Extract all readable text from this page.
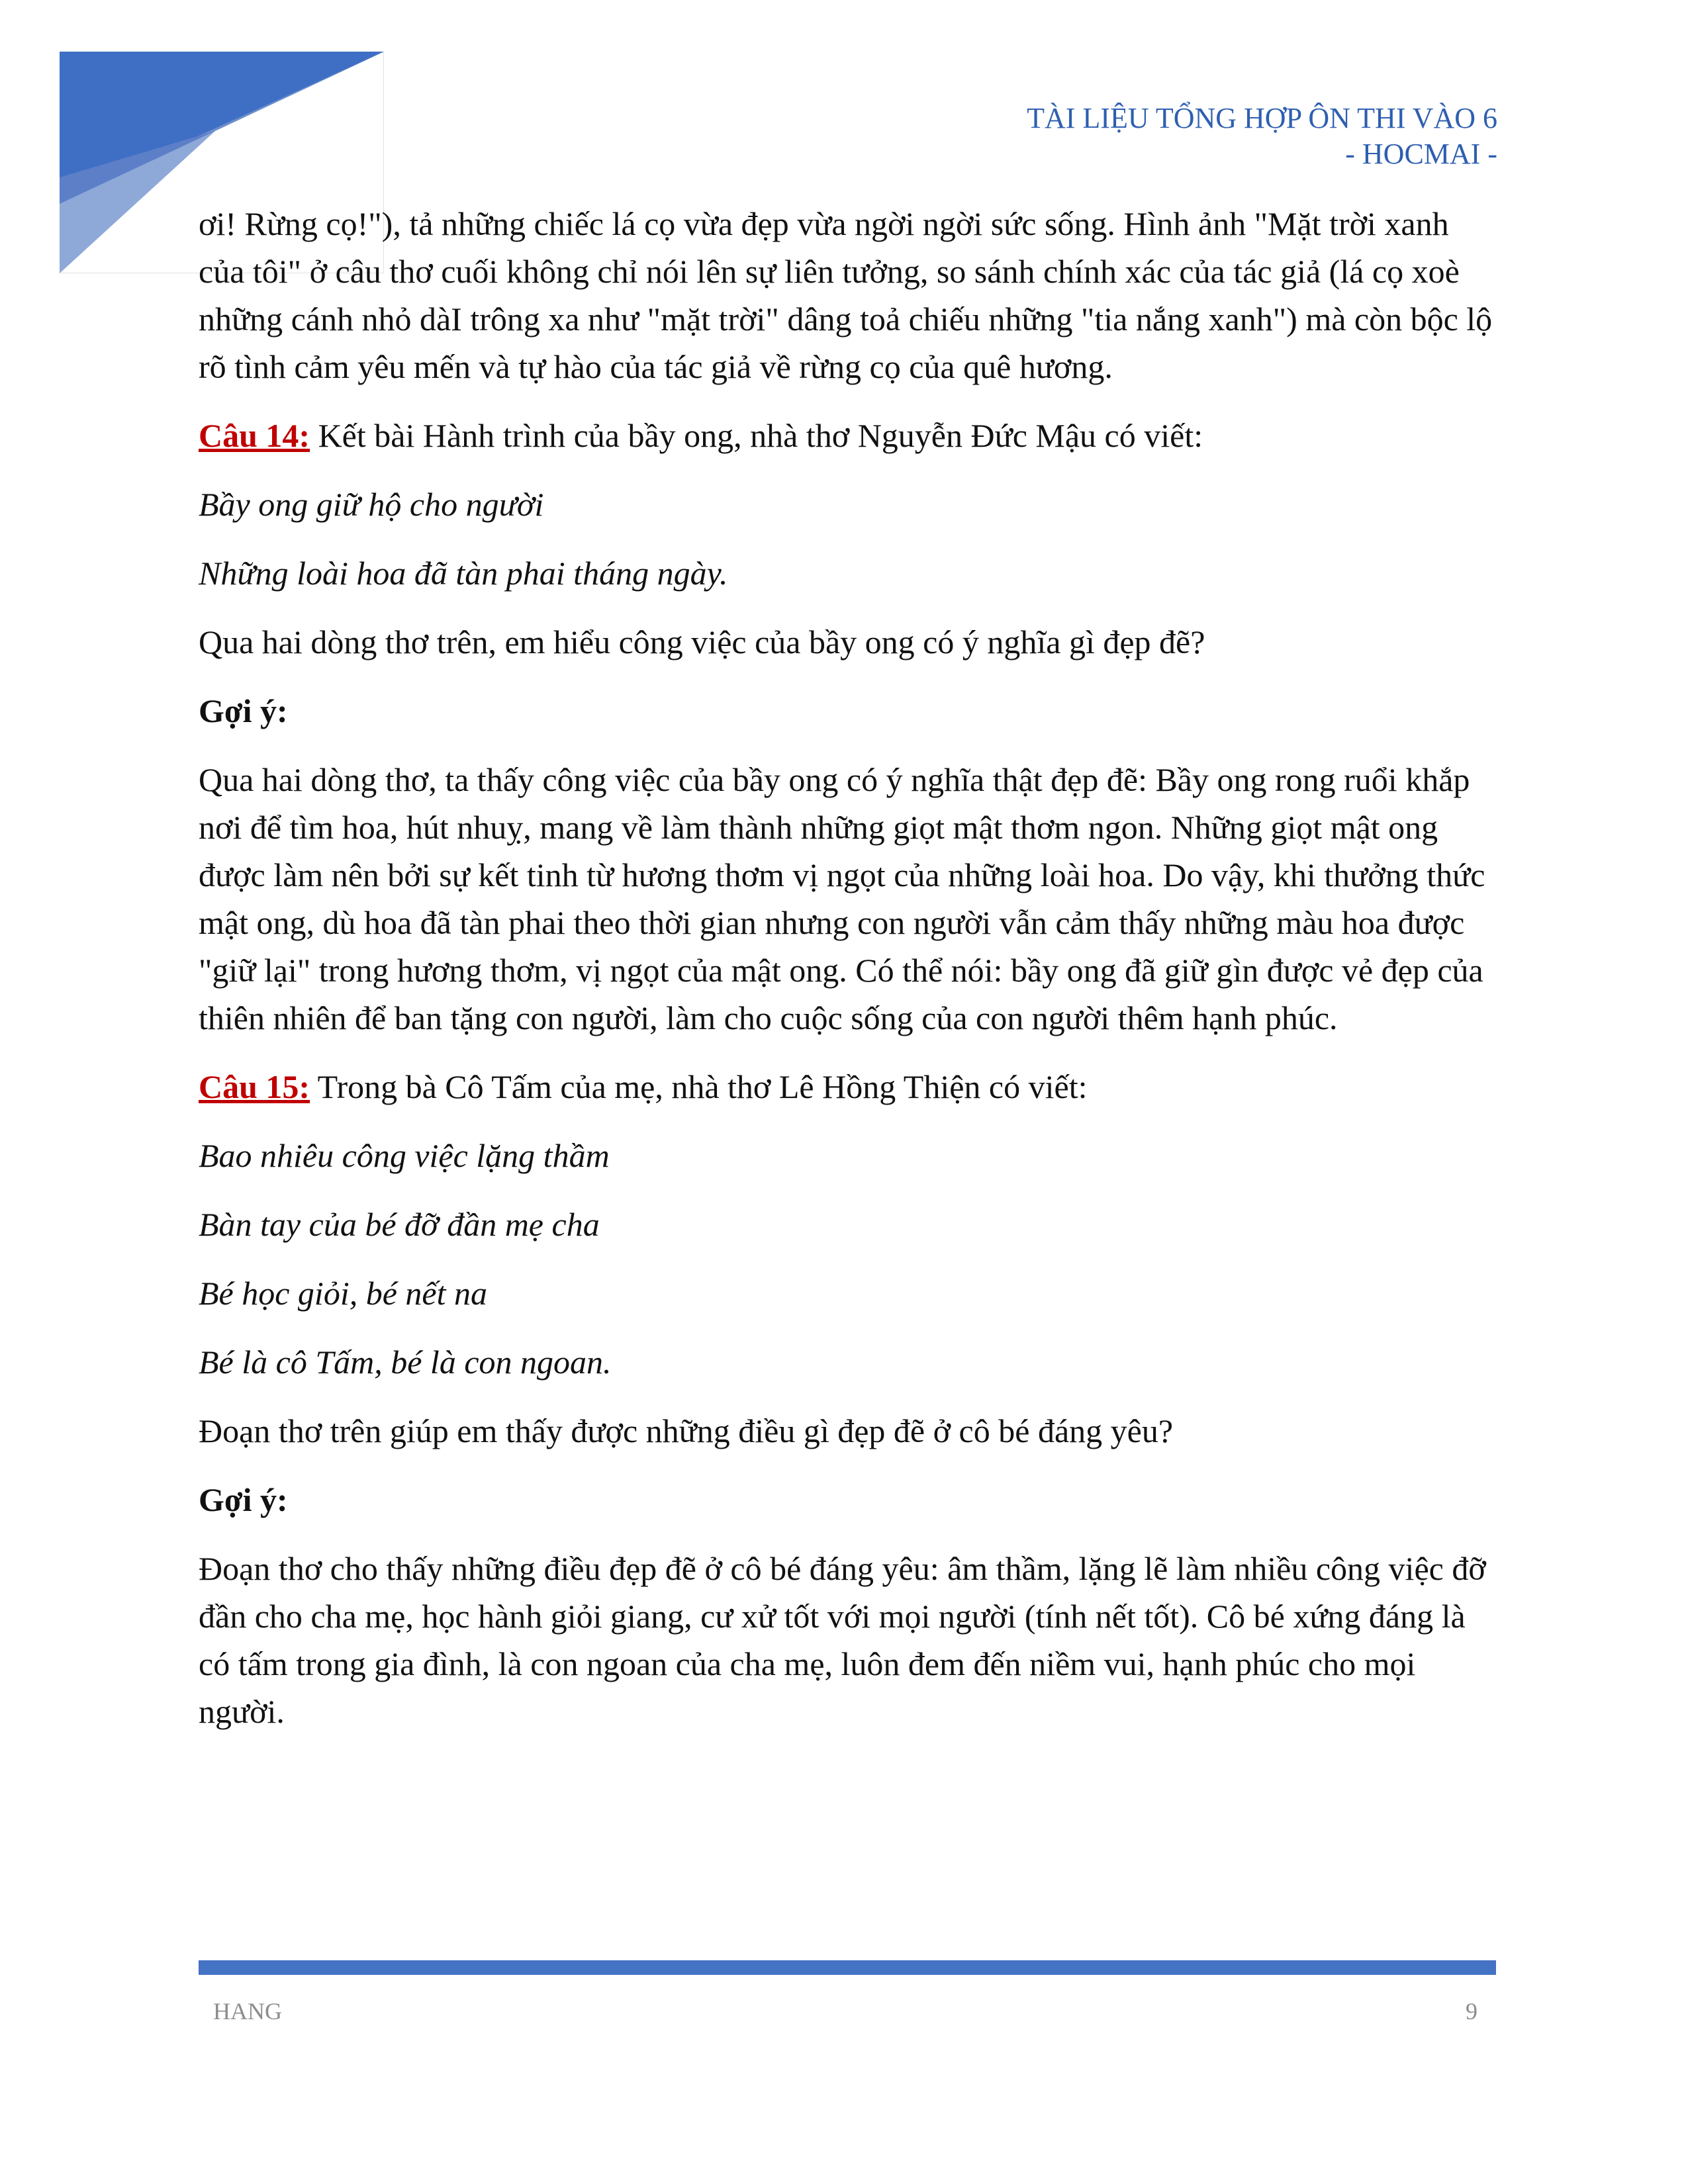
TÀI LIỆU TỔNG HỢP ÔN THI VÀO 6
- HOCMAI -

ơi! Rừng cọ!"), tả những chiếc lá cọ vừa đẹp vừa ngời ngời sức sống. Hình ảnh "Mặt trời xanh của tôi" ở câu thơ cuối không chỉ nói lên sự liên tưởng, so sánh chính xác của tác giả (lá cọ xoè những cánh nhỏ dàI trông xa như "mặt trời" dâng toả chiếu những "tia nắng xanh") mà còn bộc lộ rõ tình cảm yêu mến và tự hào của tác giả về rừng cọ của quê hương.

Câu 14: Kết bài Hành trình của bầy ong, nhà thơ Nguyễn Đức Mậu có viết:

Bầy ong giữ hộ cho người

Những loài hoa đã tàn phai tháng ngày.

Qua hai dòng thơ trên, em hiểu công việc của bầy ong có ý nghĩa gì đẹp đẽ?

Gợi ý:

Qua hai dòng thơ, ta thấy công việc của bầy ong có ý nghĩa thật đẹp đẽ: Bầy ong rong ruổi khắp nơi để tìm hoa, hút nhuỵ, mang về làm thành những giọt mật thơm ngon. Những giọt mật ong được làm nên bởi sự kết tinh từ hương thơm vị ngọt của những loài hoa. Do vậy, khi thưởng thức mật ong, dù hoa đã tàn phai theo thời gian nhưng con người vẫn cảm thấy những màu hoa được "giữ lại" trong hương thơm, vị ngọt của mật ong. Có thể nói: bầy ong đã giữ gìn được vẻ đẹp của thiên nhiên để ban tặng con người, làm cho cuộc sống của con người thêm hạnh phúc.

Câu 15: Trong bà Cô Tấm của mẹ, nhà thơ Lê Hồng Thiện có viết:

Bao nhiêu công việc lặng thầm

Bàn tay của bé đỡ đần mẹ cha

Bé học giỏi, bé nết na

Bé là cô Tấm, bé là con ngoan.

Đoạn thơ trên giúp em thấy được những điều gì đẹp đẽ ở cô bé đáng yêu?

Gợi ý:

Đoạn thơ cho thấy những điều đẹp đẽ ở cô bé đáng yêu: âm thầm, lặng lẽ làm nhiều công việc đỡ đần cho cha mẹ, học hành giỏi giang, cư xử tốt với mọi người (tính nết tốt). Cô bé xứng đáng là có tấm trong gia đình, là con ngoan của cha mẹ, luôn đem đến niềm vui, hạnh phúc cho mọi người.

HANG	9
